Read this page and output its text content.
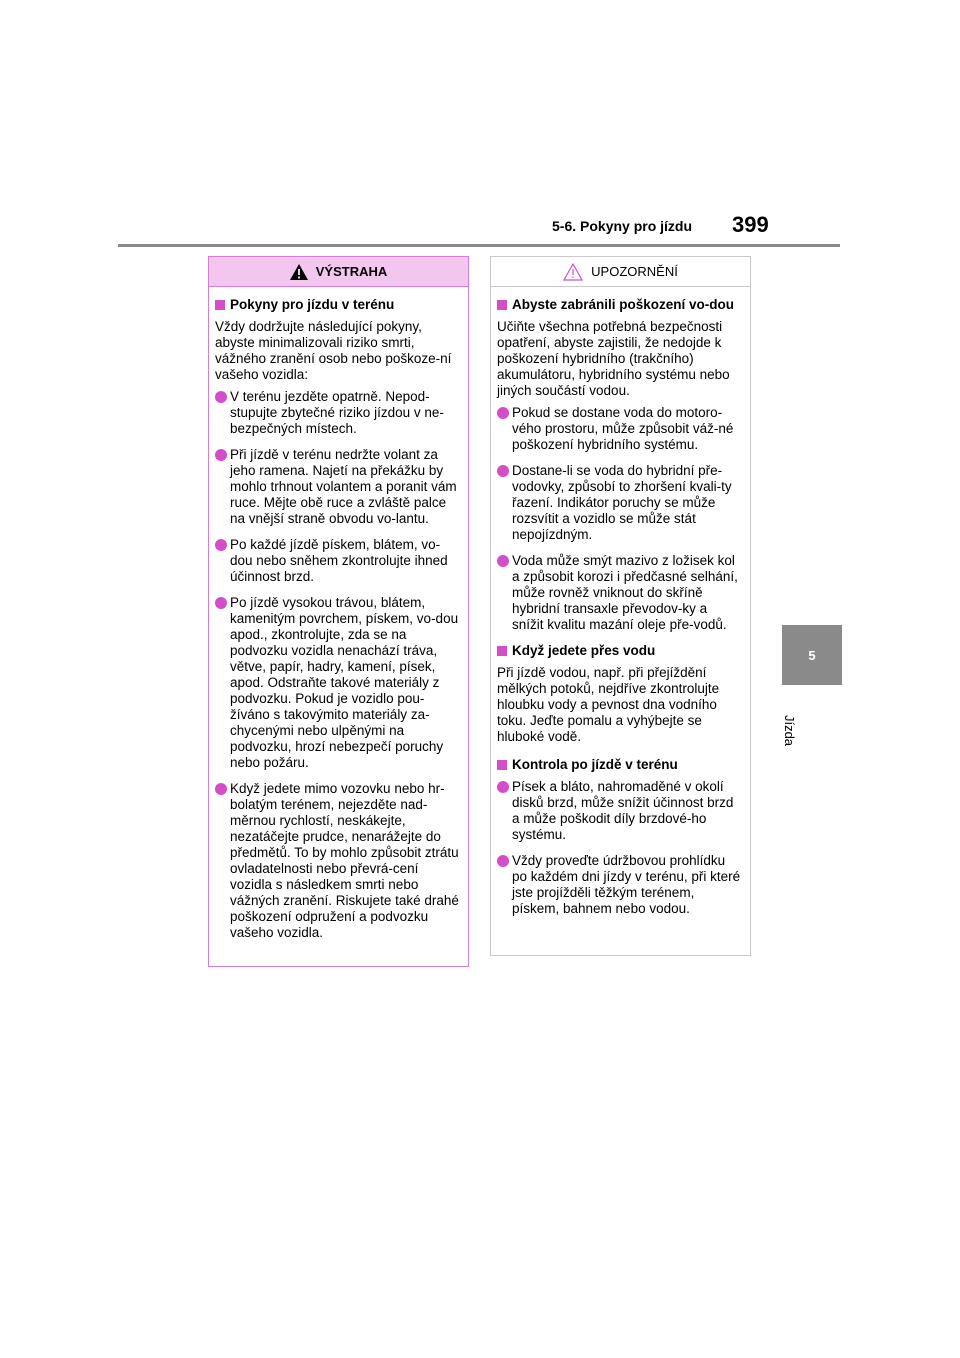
5-6. Pokyny pro jízdu 399
5
Jízda
VÝSTRAHA
Pokyny pro jízdu v terénu

Vždy dodržujte následující pokyny, abyste minimalizovali riziko smrti, vážného zranění osob nebo poškoze-ní vašeho vozidla:

V terénu jezděte opatrně. Nepod-stupujte zbytečné riziko jízdou v ne-bezpečných místech.
Při jízdě v terénu nedržte volant za jeho ramena. Najetí na překážku by mohlo trhnout volantem a poranit vám ruce. Mějte obě ruce a zvláště palce na vnější straně obvodu vo-lantu.
Po každé jízdě pískem, blátem, vo-dou nebo sněhem zkontrolujte ihned účinnost brzd.
Po jízdě vysokou trávou, blátem, kamenitým povrchem, pískem, vo-dou apod., zkontrolujte, zda se na podvozku vozidla nenachází tráva, větve, papír, hadry, kamení, písek, apod. Odstraňte takové materiály z podvozku. Pokud je vozidlo pou-žíváno s takovýmito materiály za-chycenými nebo ulpěnými na podvozku, hrozí nebezpečí poruchy nebo požáru.
Když jedete mimo vozovku nebo hr-bolatým terénem, nejezděte nad-měrnou rychlostí, neskákejte, nezatáčejte prudce, nenarážejte do předmětů. To by mohlo způsobit ztrátu ovladatelnosti nebo převrá-cení vozidla s následkem smrti nebo vážných zranění. Riskujete také drahé poškození odpružení a podvozku vašeho vozidla.
UPOZORNĚNÍ
Abyste zabránili poškození vo-dou

Učiňte všechna potřebná bezpečnosti opatření, abyste zajistili, že nedojde k poškození hybridního (trakčního) akumulátoru, hybridního systému nebo jiných součástí vodou.

Pokud se dostane voda do motoro-vého prostoru, může způsobit váž-né poškození hybridního systému.
Dostane-li se voda do hybridní pře-vodovky, způsobí to zhoršení kvali-ty řazení. Indikátor poruchy se může rozsvítit a vozidlo se může stát nepojízdným.
Voda může smýt mazivo z ložisek kol a způsobit korozi i předčasné selhání, může rovněž vniknout do skříně hybridní transaxle převodov-ky a snížit kvalitu mazání oleje pře-vodů.
Když jedete přes vodu

Při jízdě vodou, např. při přejíždění mělkých potoků, nejdříve zkontrolujte hloubku vody a pevnost dna vodního toku. Jeďte pomalu a vyhýbejte se hluboké vodě.

Kontrola po jízdě v terénu
Písek a bláto, nahromaděné v okolí disků brzd, může snížit účinnost brzd a může poškodit díly brzdové-ho systému.
Vždy proveďte údržbovou prohlídku po každém dni jízdy v terénu, při které jste projížděli těžkým terénem, pískem, bahnem nebo vodou.
